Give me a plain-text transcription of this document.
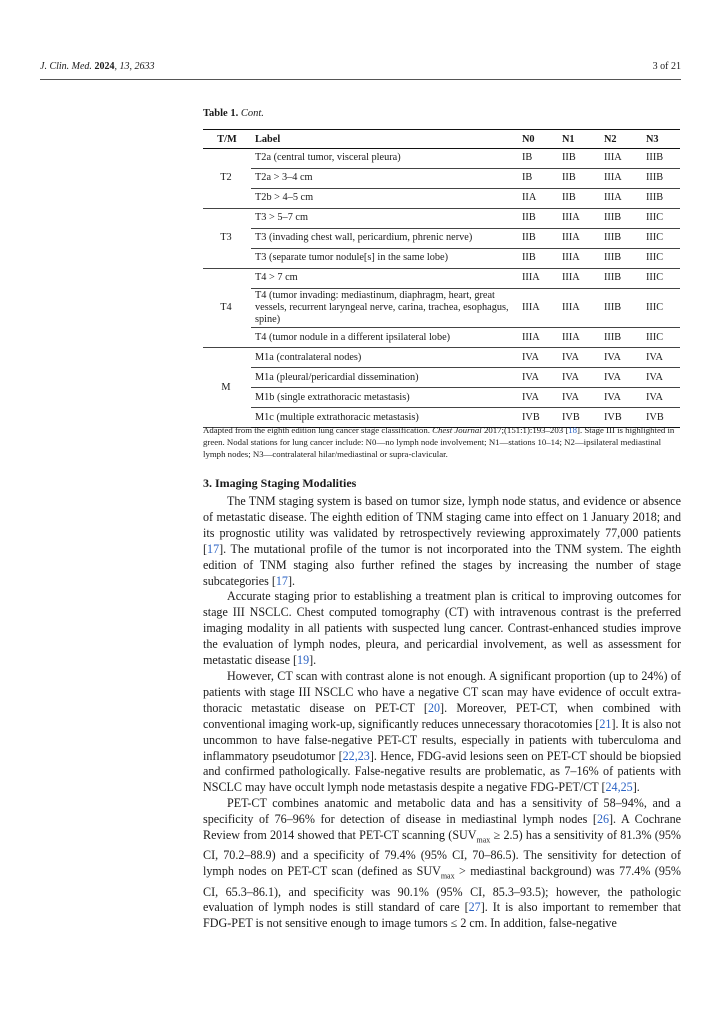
J. Clin. Med. 2024, 13, 2633	3 of 21
Table 1. Cont.
T/M	Label	N0	N1	N2	N3
T2	T2a (central tumor, visceral pleura)	IB	IIB	IIIA	IIIB
	T2a > 3–4 cm	IB	IIB	IIIA	IIIB
	T2b > 4–5 cm	IIA	IIB	IIIA	IIIB
T3	T3 > 5–7 cm	IIB	IIIA	IIIB	IIIC
	T3 (invading chest wall, pericardium, phrenic nerve)	IIB	IIIA	IIIB	IIIC
	T3 (separate tumor nodule[s] in the same lobe)	IIB	IIIA	IIIB	IIIC
T4	T4 > 7 cm	IIIA	IIIA	IIIB	IIIC
	T4 (tumor invading: mediastinum, diaphragm, heart, great vessels, recurrent laryngeal nerve, carina, trachea, esophagus, spine)	IIIA	IIIA	IIIB	IIIC
	T4 (tumor nodule in a different ipsilateral lobe)	IIIA	IIIA	IIIB	IIIC
M	M1a (contralateral nodes)	IVA	IVA	IVA	IVA
	M1a (pleural/pericardial dissemination)	IVA	IVA	IVA	IVA
	M1b (single extrathoracic metastasis)	IVA	IVA	IVA	IVA
	M1c (multiple extrathoracic metastasis)	IVB	IVB	IVB	IVB
Adapted from the eighth edition lung cancer stage classification. Chest Journal 2017;(151:1):193–203 [18]. Stage III is highlighted in green. Nodal stations for lung cancer include: N0—no lymph node involvement; N1—stations 10–14; N2—ipsilateral mediastinal lymph nodes; N3—contralateral hilar/mediastinal or supra-clavicular.
3. Imaging Staging Modalities

The TNM staging system is based on tumor size, lymph node status, and evidence or absence of metastatic disease. The eighth edition of TNM staging came into effect on 1 January 2018; and its prognostic utility was validated by retrospectively reviewing approximately 77,000 patients [17]. The mutational profile of the tumor is not incorporated into the TNM system. The eighth edition of TNM staging also further refined the stages by increasing the number of stage subcategories [17].

Accurate staging prior to establishing a treatment plan is critical to improving outcomes for stage III NSCLC. Chest computed tomography (CT) with intravenous contrast is the preferred imaging modality in all patients with suspected lung cancer. Contrast-enhanced studies improve the evaluation of lymph nodes, pleura, and pericardial involvement, as well as assessment for metastatic disease [19].

However, CT scan with contrast alone is not enough. A significant proportion (up to 24%) of patients with stage III NSCLC who have a negative CT scan may have evidence of occult extra-thoracic metastatic disease on PET-CT [20]. Moreover, PET-CT, when combined with conventional imaging work-up, significantly reduces unnecessary thoracotomies [21]. It is also not uncommon to have false-negative PET-CT results, especially in patients with tuberculoma and inflammatory pseudotumor [22,23]. Hence, FDG-avid lesions seen on PET-CT should be biopsied and confirmed pathologically. False-negative results are problematic, as 7–16% of patients with NSCLC may have occult lymph node metastasis despite a negative FDG-PET/CT [24,25].

PET-CT combines anatomic and metabolic data and has a sensitivity of 58–94%, and a specificity of 76–96% for detection of disease in mediastinal lymph nodes [26]. A Cochrane Review from 2014 showed that PET-CT scanning $(SUV_{max} \ge 2.5)$ has a sensitivity of 81.3% (95% CI, 70.2–88.9) and a specificity of 79.4% (95% CI, 70–86.5). The sensitivity for detection of lymph nodes on PET-CT scan (defined as $SUV_{max}$ > mediastinal background) was 77.4% (95% CI, 65.3–86.1), and specificity was 90.1% (95% CI, 85.3–93.5); however, the pathologic evaluation of lymph nodes is still standard of care [27]. It is also important to remember that FDG-PET is not sensitive enough to image tumors ≤ 2 cm. In addition, false-negative
